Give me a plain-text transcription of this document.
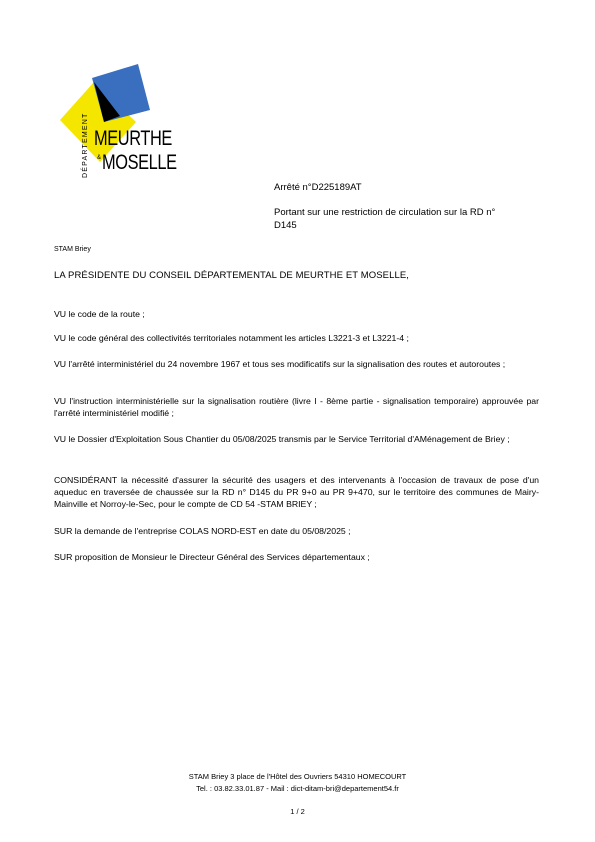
DÉPARTEMENT MEURTHE
& MOSELLE
Arrêté n°D225189AT
Portant sur une restriction de circulation sur la RD n° D145
STAM Briey
LA PRÉSIDENTE DU CONSEIL DÉPARTEMENTAL DE MEURTHE ET MOSELLE,
VU le code de la route ;
VU le code général des collectivités territoriales notamment les articles L3221-3 et L3221-4 ;
VU l'arrêté interministériel du 24 novembre 1967 et tous ses modificatifs sur la signalisation des routes et autoroutes ;
VU l'instruction interministérielle sur la signalisation routière (livre I - 8ème partie - signalisation temporaire) approuvée par l'arrêté interministériel modifié ;
VU le Dossier d'Exploitation Sous Chantier du 05/08/2025 transmis par le Service Territorial d'AMénagement de Briey ;
CONSIDÉRANT la nécessité d'assurer la sécurité des usagers et des intervenants à l'occasion de travaux de pose d'un aqueduc en traversée de chaussée sur la RD n° D145 du PR 9+0 au PR 9+470, sur le territoire des communes de Mairy-Mainville et Norroy-le-Sec, pour le compte de CD 54 -STAM BRIEY ;
SUR la demande de l'entreprise COLAS NORD-EST en date du 05/08/2025 ;
SUR proposition de Monsieur le Directeur Général des Services départementaux ;
STAM Briey 3 place de l'Hôtel des Ouvriers 54310 HOMECOURT
Tel. : 03.82.33.01.87 - Mail : dict-ditam-bri@departement54.fr
1 / 2
